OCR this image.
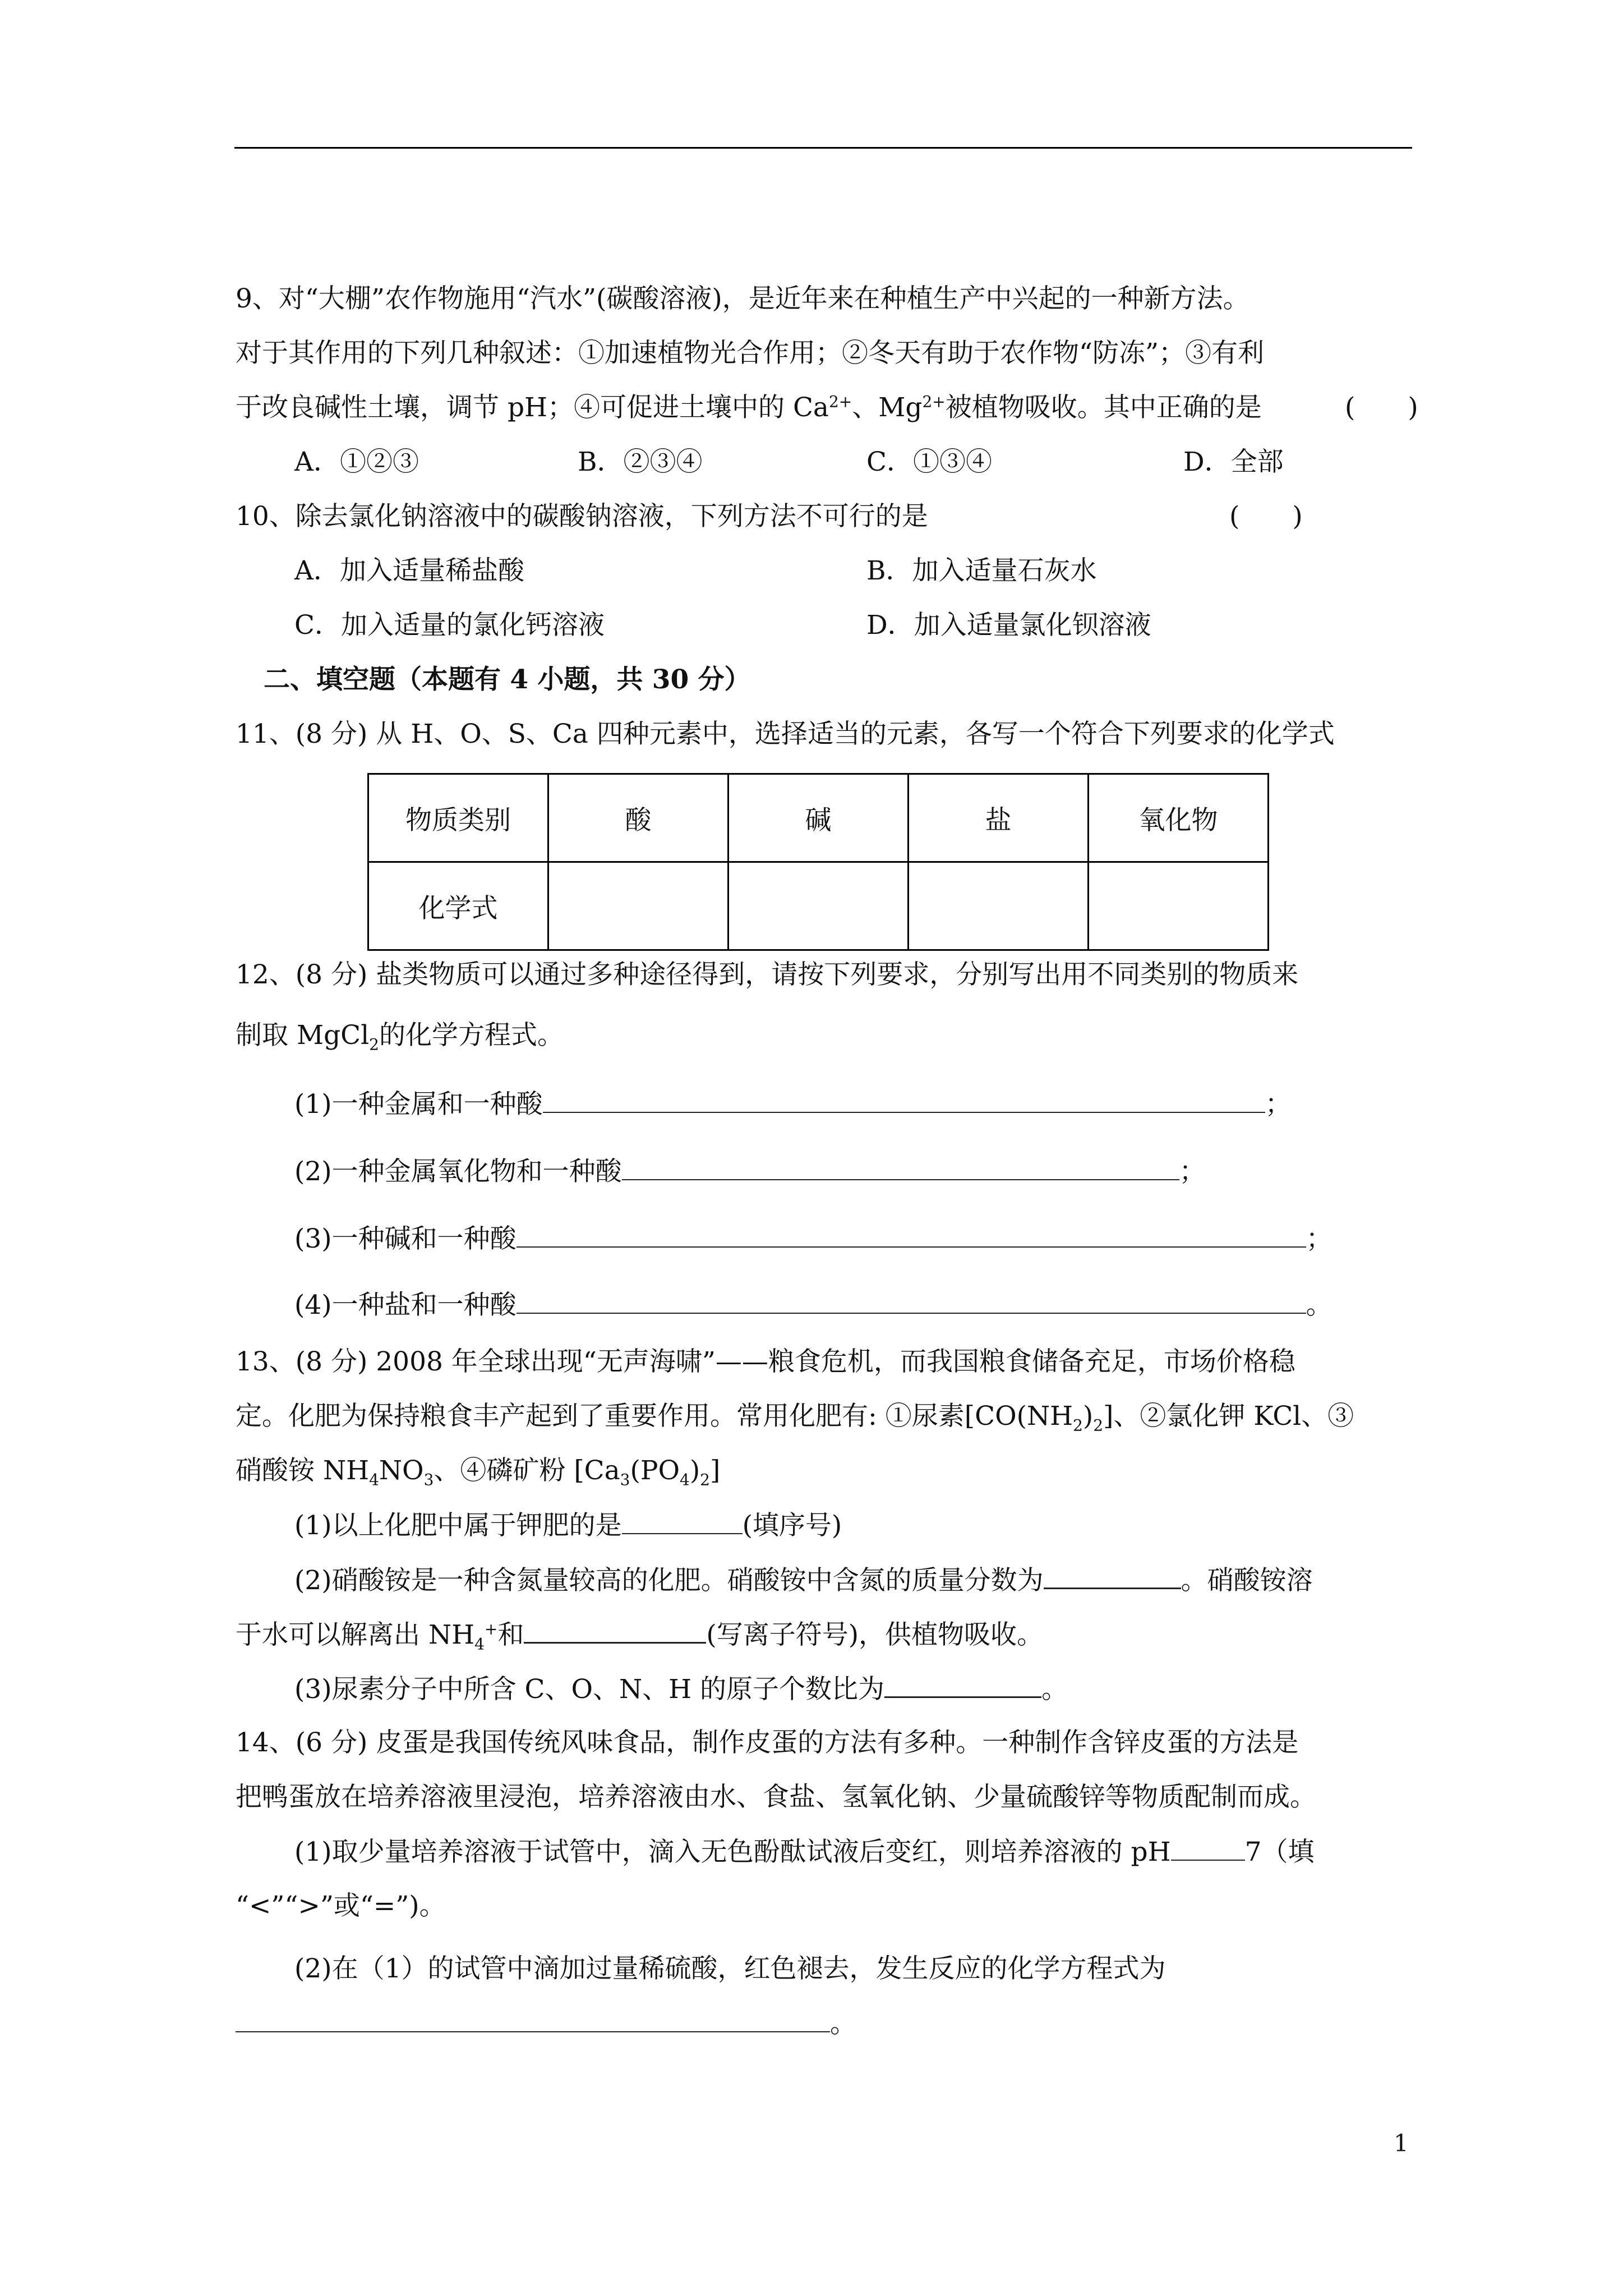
9、对“大棚”农作物施用“汽水”(碳酸溶液)，是近年来在种植生产中兴起的一种新方法。
对于其作用的下列几种叙述：①加速植物光合作用；②冬天有助于农作物“防冻”；③有利
于改良碱性土壤，调节 pH；④可促进土壤中的 $Ca^{2+}$、$Mg^{2+}$被植物吸收。其中正确的是	(　　)
A．①②③	B．②③④	C．①③④	D．全部
10、除去氯化钠溶液中的碳酸钠溶液，下列方法不可行的是	(　　)
A．加入适量稀盐酸	B．加入适量石灰水
C．加入适量的氯化钙溶液	D．加入适量氯化钡溶液
二、填空题（本题有 4 小题，共 30 分）
11、(8 分) 从 H、O、S、Ca 四种元素中，选择适当的元素，各写一个符合下列要求的化学式
物质类别	酸	碱	盐	氧化物
化学式				
12、(8 分) 盐类物质可以通过多种途径得到，请按下列要求，分别写出用不同类别的物质来
制取 MgCl$_2$的化学方程式。
(1)一种金属和一种酸	；
(2)一种金属氧化物和一种酸	；
(3)一种碱和一种酸	；
(4)一种盐和一种酸	。
13、(8 分) 2008 年全球出现“无声海啸”——粮食危机，而我国粮食储备充足，市场价格稳
定。化肥为保持粮食丰产起到了重要作用。常用化肥有: ①尿素$[CO(NH_2)_2]$、②氯化钾 KCl、③
硝酸铵 $NH_4NO_3$、④磷矿粉 $[Ca_3(PO_4)_2]$
(1)以上化肥中属于钾肥的是	(填序号)
(2)硝酸铵是一种含氮量较高的化肥。硝酸铵中含氮的质量分数为	。硝酸铵溶
于水可以解离出 $NH_4^+$和	(写离子符号)，供植物吸收。
(3)尿素分子中所含 C、O、N、H 的原子个数比为	。
14、(6 分) 皮蛋是我国传统风味食品，制作皮蛋的方法有多种。一种制作含锌皮蛋的方法是
把鸭蛋放在培养溶液里浸泡，培养溶液由水、食盐、氢氧化钠、少量硫酸锌等物质配制而成。
(1)取少量培养溶液于试管中，滴入无色酚酞试液后变红，则培养溶液的 pH	7（填
“<”“>”或“=”)。
(2)在（1）的试管中滴加过量稀硫酸，红色褪去，发生反应的化学方程式为
。
1
